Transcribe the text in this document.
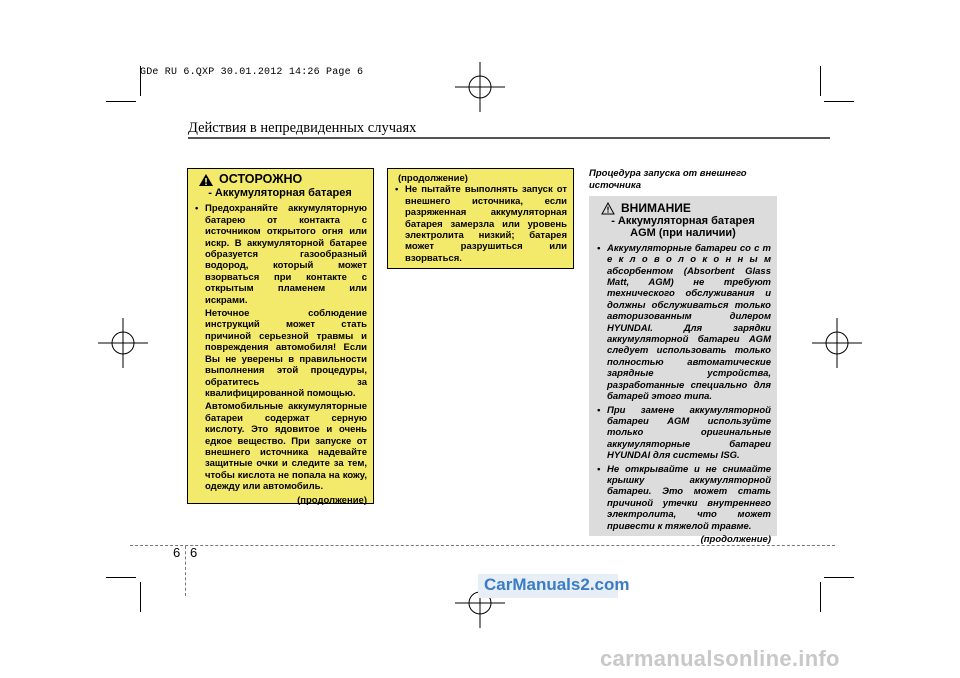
GDe RU 6.QXP 30.01.2012 14:26 Page 6
Действия в непредвиденных случаях
ОСТОРОЖНО
- Аккумуляторная батарея
• Предохраняйте аккумуляторную батарею от контакта с источником открытого огня или искр. В аккумуляторной батарее образуется газообразный водород, который может взорваться при контакте с открытым пламенем или искрами.
Неточное соблюдение инструкций может стать причиной серьезной травмы и повреждения автомобиля! Если Вы не уверены в правильности выполнения этой процедуры, обратитесь за квалифицированной помощью.
Автомобильные аккумуляторные батареи содержат серную кислоту. Это ядовитое и очень едкое вещество. При запуске от внешнего источника надевайте защитные очки и следите за тем, чтобы кислота не попала на кожу, одежду или автомобиль.
(продолжение)
(продолжение)
• Не пытайте выполнять запуск от внешнего источника, если разряженная аккумуляторная батарея замерзла или уровень электролита низкий; батарея может разрушиться или взорваться.
Процедура запуска от внешнего источника
ВНИМАНИЕ
- Аккумуляторная батарея
AGM (при наличии)
• Аккумуляторные батареи со с т е к л о в о л о к о н н ы м абсорбентом (Absorbent Glass Matt, AGM) не требуют технического обслуживания и должны обслуживаться только авторизованным дилером HYUNDAI. Для зарядки аккумуляторной батареи AGM следует использовать только полностью автоматические зарядные устройства, разработанные специально для батарей этого типа.
• При замене аккумуляторной батареи AGM используйте только оригинальные аккумуляторные батареи HYUNDAI для системы ISG.
• Не открывайте и не снимайте крышку аккумуляторной батареи. Это может стать причиной утечки внутреннего электролита, что может привести к тяжелой травме.
(продолжение)
6 6
CarManuals2.com
carmanualsonline.info
